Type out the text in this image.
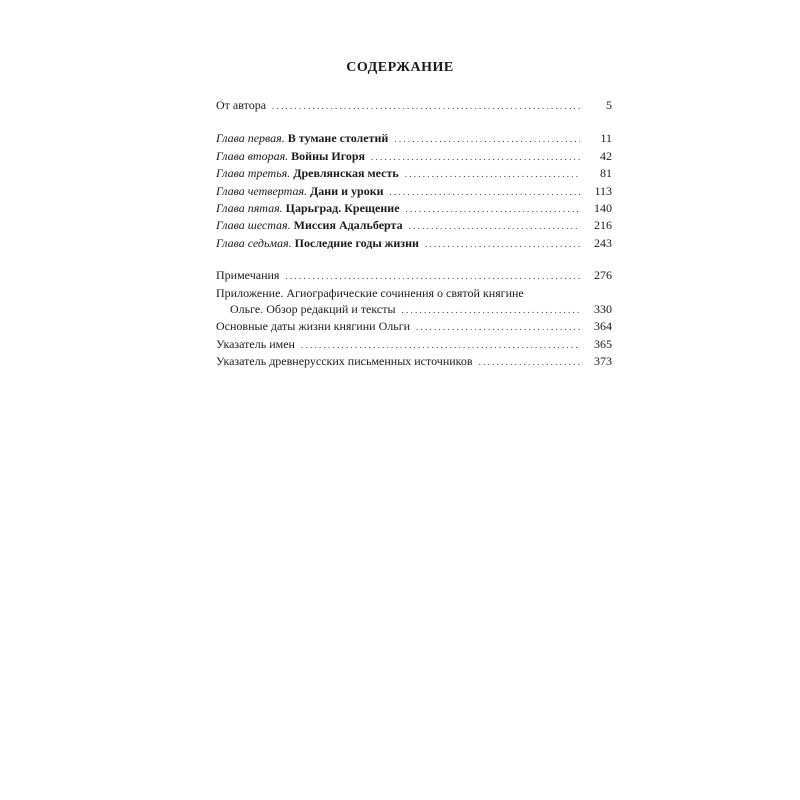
СОДЕРЖАНИЕ
От автора . . .	5
Глава первая. В тумане столетий . . .	11
Глава вторая. Войны Игоря . . .	42
Глава третья. Древлянская месть . . .	81
Глава четвертая. Дани и уроки . . .	113
Глава пятая. Царьград. Крещение . . .	140
Глава шестая. Миссия Адальберта . . .	216
Глава седьмая. Последние годы жизни . . .	243
Примечания . . .	276
Приложение. Агиографические сочинения о святой княгине
Ольге. Обзор редакций и тексты . . .	330
Основные даты жизни княгини Ольги . . .	364
Указатель имен . . .	365
Указатель древнерусских письменных источников . . .	373
